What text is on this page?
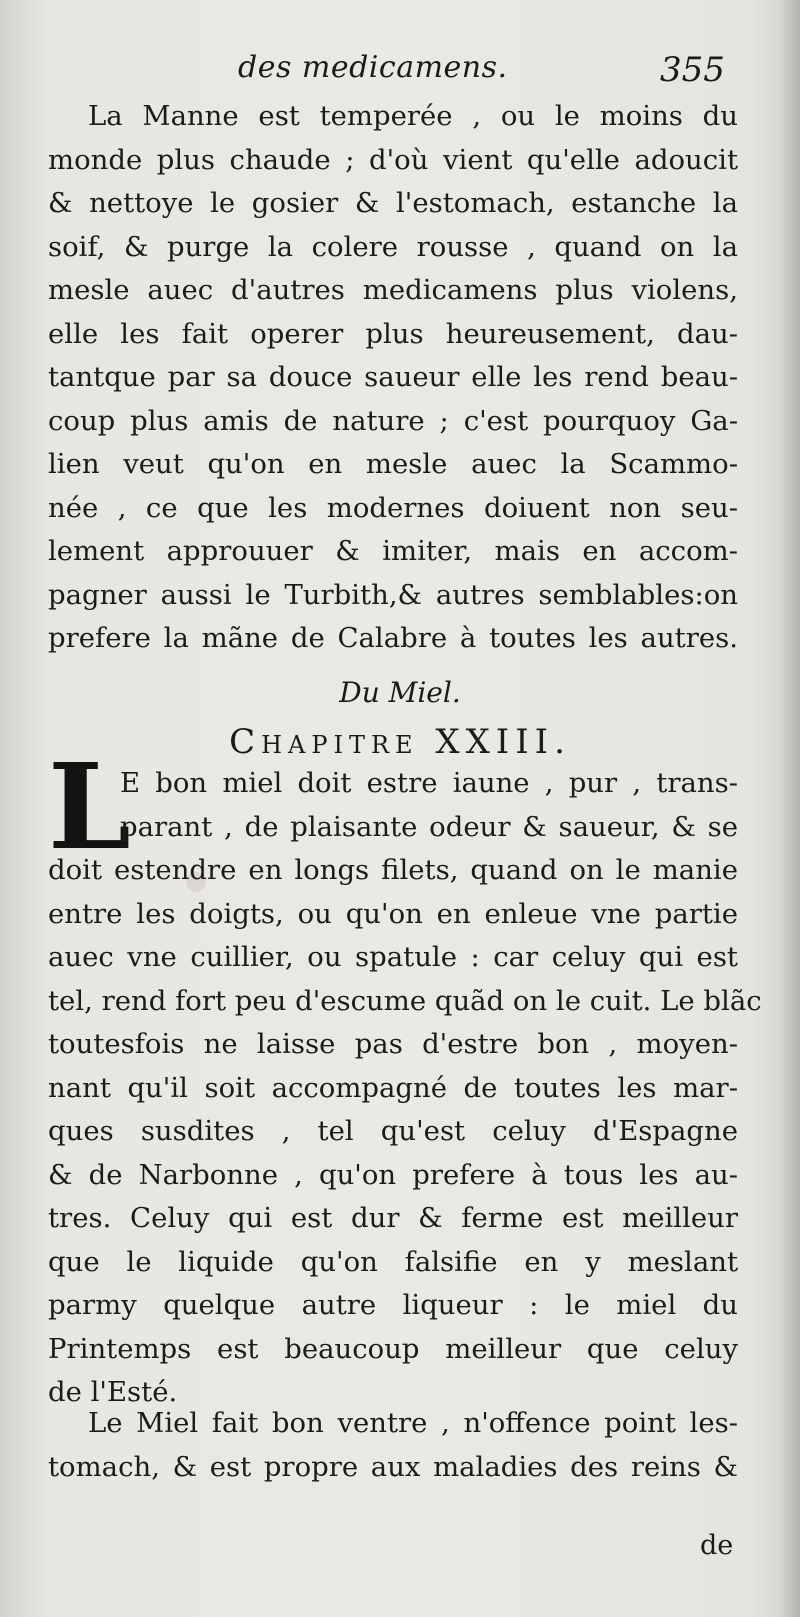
des medicamens.	355
La Manne est temperée , ou le moins du
monde plus chaude ; d'où vient qu'elle adoucit
& nettoye le gosier & l'estomach, estanche la
soif, & purge la colere rousse , quand on la
mesle auec d'autres medicamens plus violens,
elle les fait operer plus heureusement, dau-
tantque par sa douce saueur elle les rend beau-
coup plus amis de nature ; c'est pourquoy Ga-
lien veut qu'on en mesle auec la Scammo-
née , ce que les modernes doiuent non seu-
lement approuuer & imiter, mais en accom-
pagner aussi le Turbith,& autres semblables:on
prefere la mãne de Calabre à toutes les autres.
Du Miel.
Chapitre XXIII.
L
E bon miel doit estre iaune , pur , trans-
parant , de plaisante odeur & saueur, & se
doit estendre en longs filets, quand on le manie
entre les doigts, ou qu'on en enleue vne partie
auec vne cuillier, ou spatule : car celuy qui est
tel, rend fort peu d'escume quãd on le cuit. Le blãc
toutesfois ne laisse pas d'estre bon , moyen-
nant qu'il soit accompagné de toutes les mar-
ques susdites , tel qu'est celuy d'Espagne
& de Narbonne , qu'on prefere à tous les au-
tres. Celuy qui est dur & ferme est meilleur
que le liquide qu'on falsifie en y meslant
parmy quelque autre liqueur : le miel du
Printemps est beaucoup meilleur que celuy
de l'Esté.
Le Miel fait bon ventre , n'offence point les-
tomach, & est propre aux maladies des reins &
de
